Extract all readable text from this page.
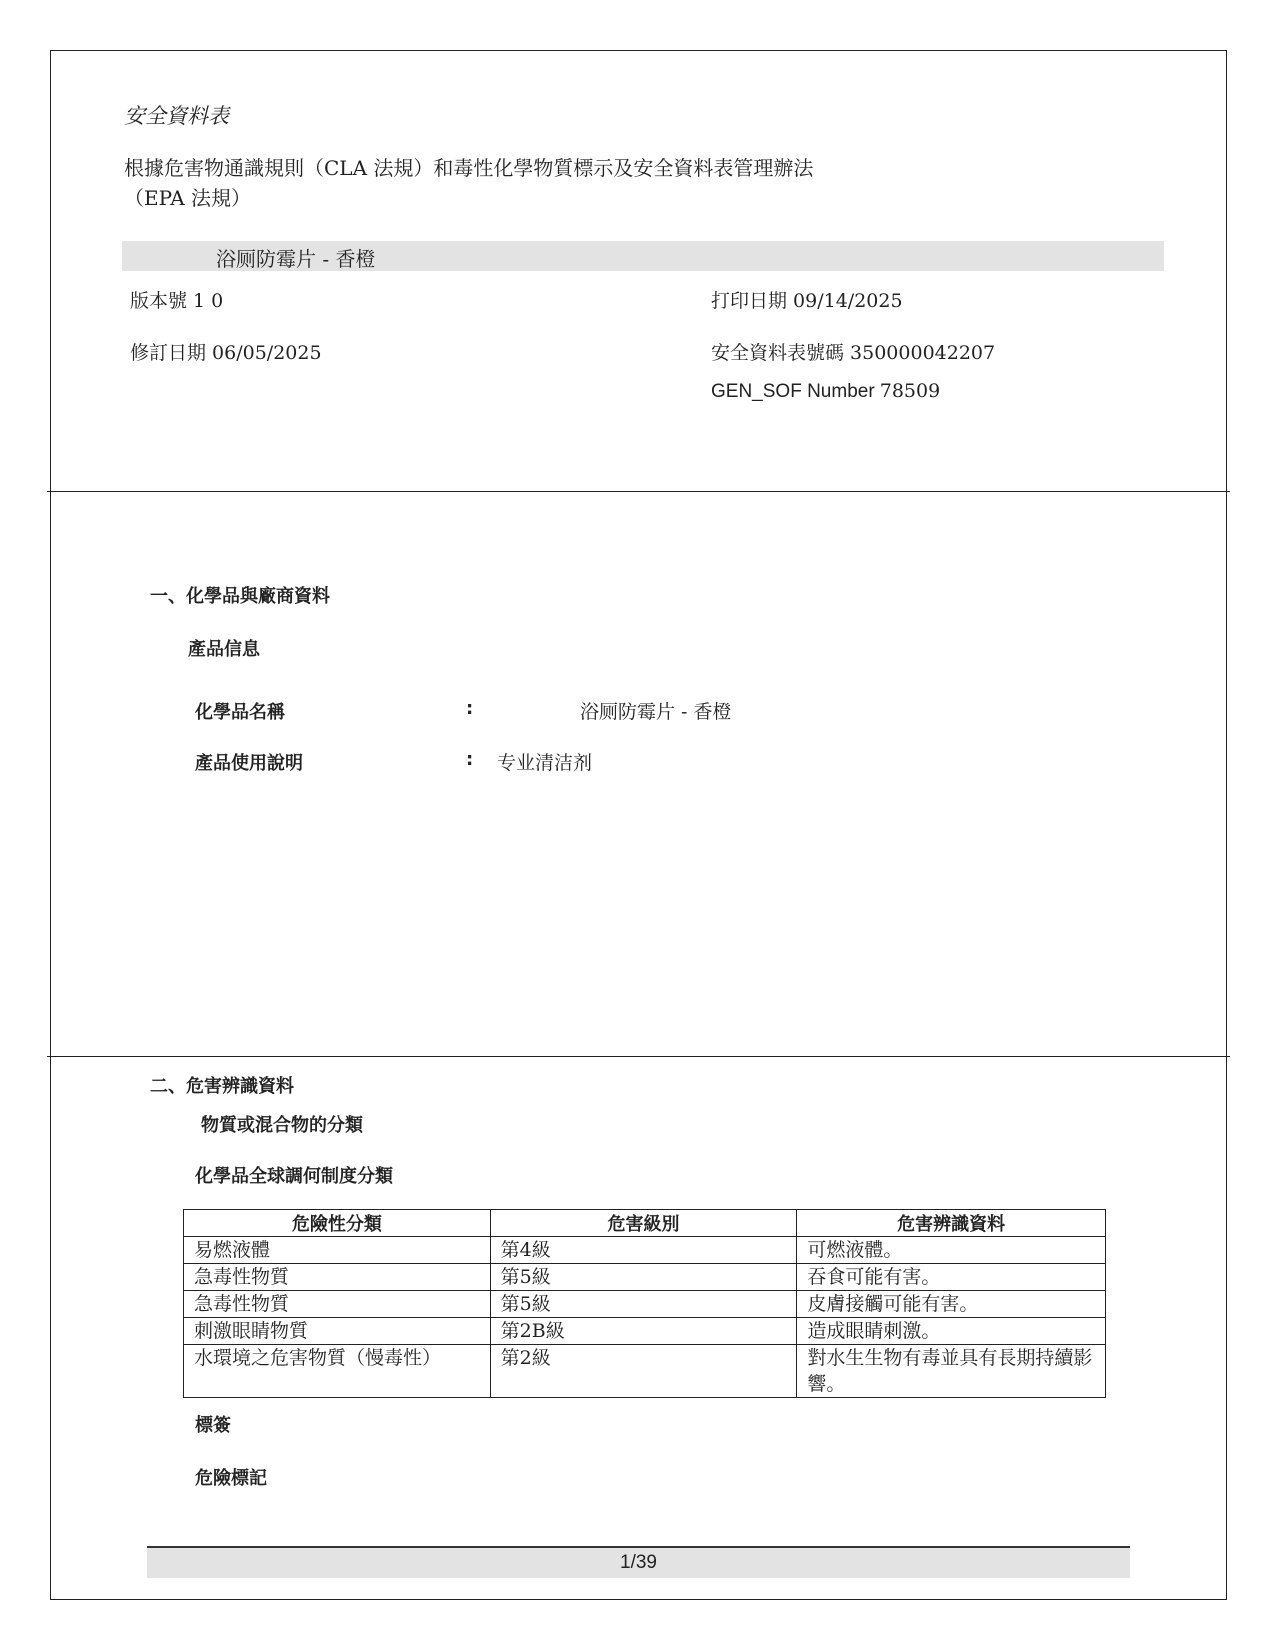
安全資料表
根據危害物通識規則（CLA 法規）和毒性化學物質標示及安全資料表管理辦法（EPA 法規）
浴厕防霉片 - 香橙
版本號 1 0	打印日期 09/14/2025
修訂日期 06/05/2025	安全資料表號碼 350000042207
GEN_SOF Number 78509
一、化學品與廠商資料
產品信息
化學品名稱	:	浴厕防霉片 - 香橙
產品使用說明	: 专业清洁剂
二、危害辨識資料
物質或混合物的分類
化學品全球調何制度分類
危險性分類	危害級別	危害辨識資料
易燃液體	第4級	可燃液體。
急毒性物質	第5級	吞食可能有害。
急毒性物質	第5級	皮膚接觸可能有害。
刺激眼睛物質	第2B級	造成眼睛刺激。
水環境之危害物質（慢毒性）	第2級	對水生生物有毒並具有長期持續影響。
標簽
危險標記
1/39
